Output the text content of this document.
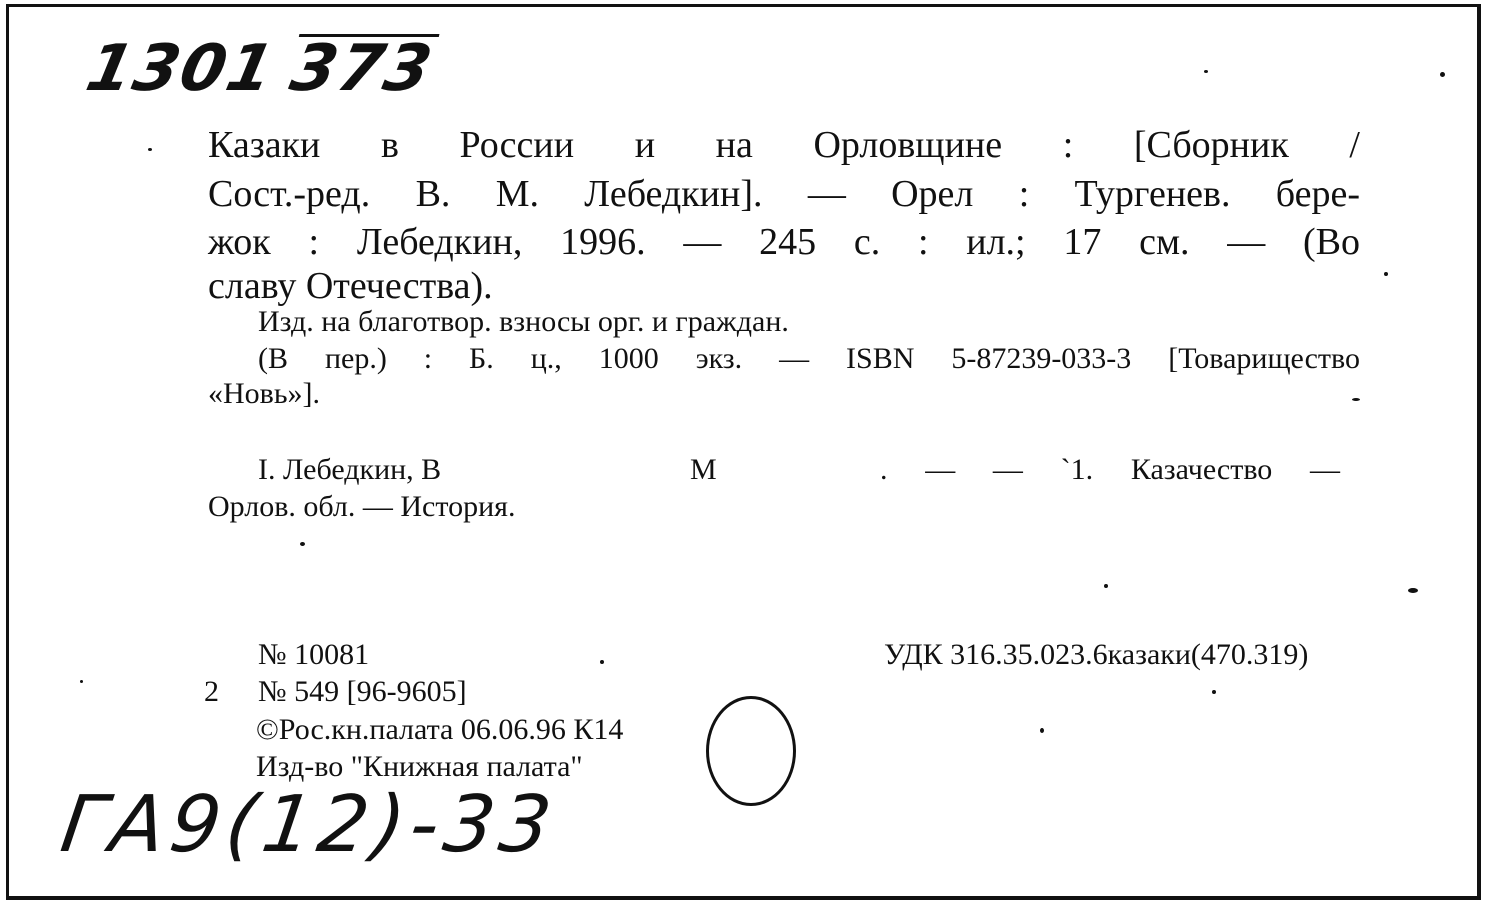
1301373
Казаки в России и на Орловщине : [Сборник /
Сост.-ред. В. М. Лебедкин]. — Орел : Тургенев. бере-
жок : Лебедкин, 1996. — 245 с. : ил.; 17 см. — (Во
славу Отечества).
Изд. на благотвор. взносы орг. и граждан.
(В пер.) : Б. ц., 1000 экз. — ISBN 5-87239-033-3 [Товарищество
«Новь»].
I. Лебедкин, В	М	. — — `1. Казачество —
Орлов. обл. — История.
№ 10081	УДК 316.35.023.6казаки(470.319)
2 № 549 [96-9605]
©Рос.кн.палата 06.06.96 К14
Изд-во "Книжная палата"
ГА9(12)-33
